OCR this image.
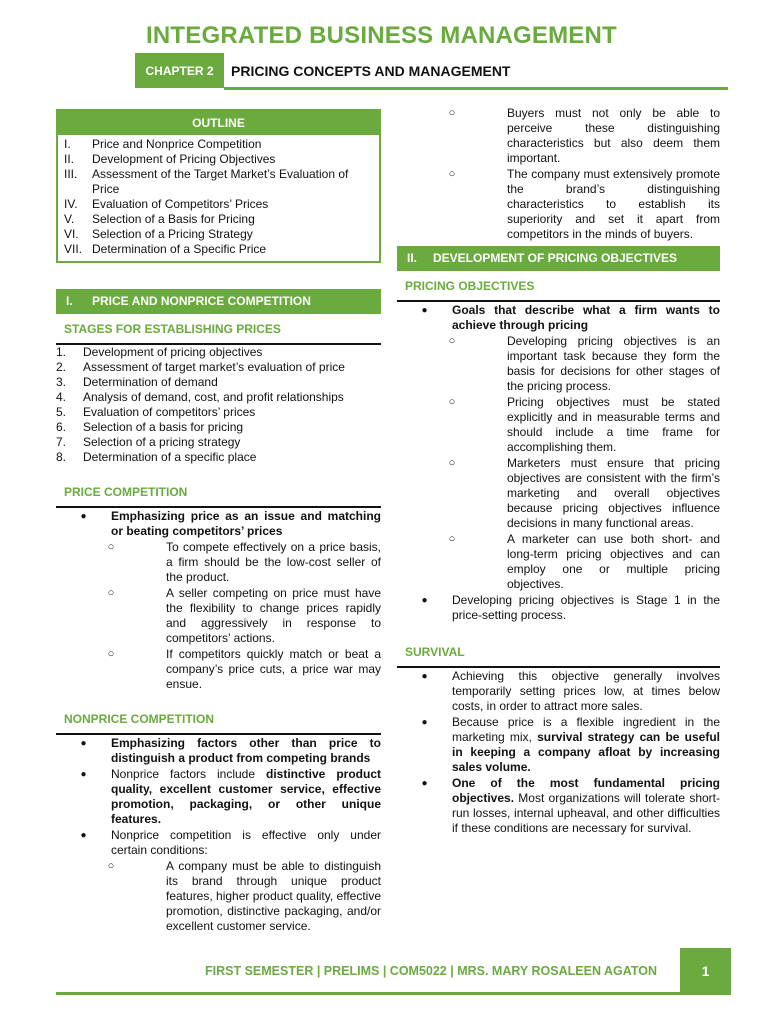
INTEGRATED BUSINESS MANAGEMENT
CHAPTER 2	PRICING CONCEPTS AND MANAGEMENT
OUTLINE
I.	Price and Nonprice Competition
II.	Development of Pricing Objectives
III.	Assessment of the Target Market’s Evaluation of Price
IV.	Evaluation of Competitors’ Prices
V.	Selection of a Basis for Pricing
VI.	Selection of a Pricing Strategy
VII. Determination of a Specific Price
I.	PRICE AND NONPRICE COMPETITION
STAGES FOR ESTABLISHING PRICES
1.	Development of pricing objectives
2.	Assessment of target market’s evaluation of price
3.	Determination of demand
4.	Analysis of demand, cost, and profit relationships
5.	Evaluation of competitors’ prices
6.	Selection of a basis for pricing
7.	Selection of a pricing strategy
8.	Determination of a specific place
PRICE COMPETITION
●	Emphasizing price as an issue and matching or beating competitors’ prices
○	To compete effectively on a price basis, a firm should be the low-cost seller of the product.
○	A seller competing on price must have the flexibility to change prices rapidly and aggressively in response to competitors’ actions.
○	If competitors quickly match or beat a company’s price cuts, a price war may ensue.
NONPRICE COMPETITION
●	Emphasizing factors other than price to distinguish a product from competing brands
●	Nonprice factors include distinctive product quality, excellent customer service, effective promotion, packaging, or other unique features.
●	Nonprice competition is effective only under certain conditions:
○	A company must be able to distinguish its brand through unique product features, higher product quality, effective promotion, distinctive packaging, and/or excellent customer service.
○	Buyers must not only be able to perceive these distinguishing characteristics but also deem them important.
○	The company must extensively promote the brand’s distinguishing characteristics to establish its superiority and set it apart from competitors in the minds of buyers.
II.	DEVELOPMENT OF PRICING OBJECTIVES
PRICING OBJECTIVES
●	Goals that describe what a firm wants to achieve through pricing
○	Developing pricing objectives is an important task because they form the basis for decisions for other stages of the pricing process.
○	Pricing objectives must be stated explicitly and in measurable terms and should include a time frame for accomplishing them.
○	Marketers must ensure that pricing objectives are consistent with the firm’s marketing and overall objectives because pricing objectives influence decisions in many functional areas.
○	A marketer can use both short- and long-term pricing objectives and can employ one or multiple pricing objectives.
●	Developing pricing objectives is Stage 1 in the price-setting process.
SURVIVAL
●	Achieving this objective generally involves temporarily setting prices low, at times below costs, in order to attract more sales.
●	Because price is a flexible ingredient in the marketing mix, survival strategy can be useful in keeping a company afloat by increasing sales volume.
●	One of the most fundamental pricing objectives. Most organizations will tolerate short-run losses, internal upheaval, and other difficulties if these conditions are necessary for survival.
FIRST SEMESTER | PRELIMS | COM5022 | MRS. MARY ROSALEEN AGATON	1
